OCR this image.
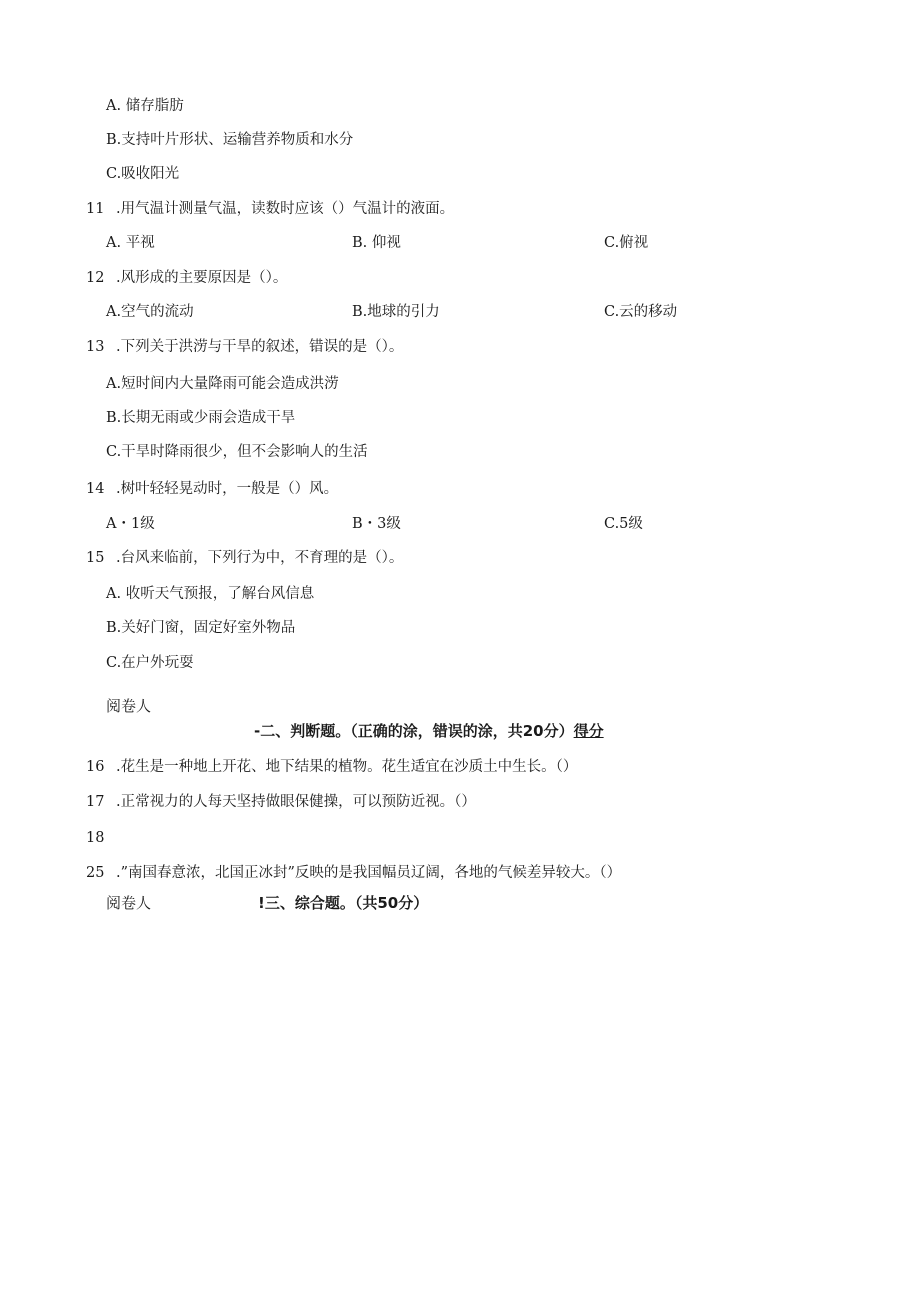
A. 储存脂肪
B.支持叶片形状、运输营养物质和水分
C.吸收阳光
11 .用气温计测量气温，读数时应该（）气温计的液面。
A. 平视	B. 仰视	C.俯视
12 .风形成的主要原因是（）。
A.空气的流动	B.地球的引力	C.云的移动
13 .下列关于洪涝与干旱的叙述，错误的是（）。
A.短时间内大量降雨可能会造成洪涝
B.长期无雨或少雨会造成干旱
C.干旱时降雨很少，但不会影响人的生活
14 .树叶轻轻晃动时，一般是（）风。
A・1级	B・3级	C.5级
15 .台风来临前，下列行为中，不育理的是（）。
A. 收听天气预报，了解台风信息
B.关好门窗，固定好室外物品
C.在户外玩耍
阅卷人
-二、判断题。（正确的涂，错误的涂，共20分）得分
16 .花生是一种地上开花、地下结果的植物。花生适宜在沙质土中生长。（）
17 .正常视力的人每天坚持做眼保健操，可以预防近视。（）
18
25 .”南国春意浓，北国正冰封”反映的是我国幅员辽阔，各地的气候差异较大。（）
阅卷人	!三、综合题。（共50分）
